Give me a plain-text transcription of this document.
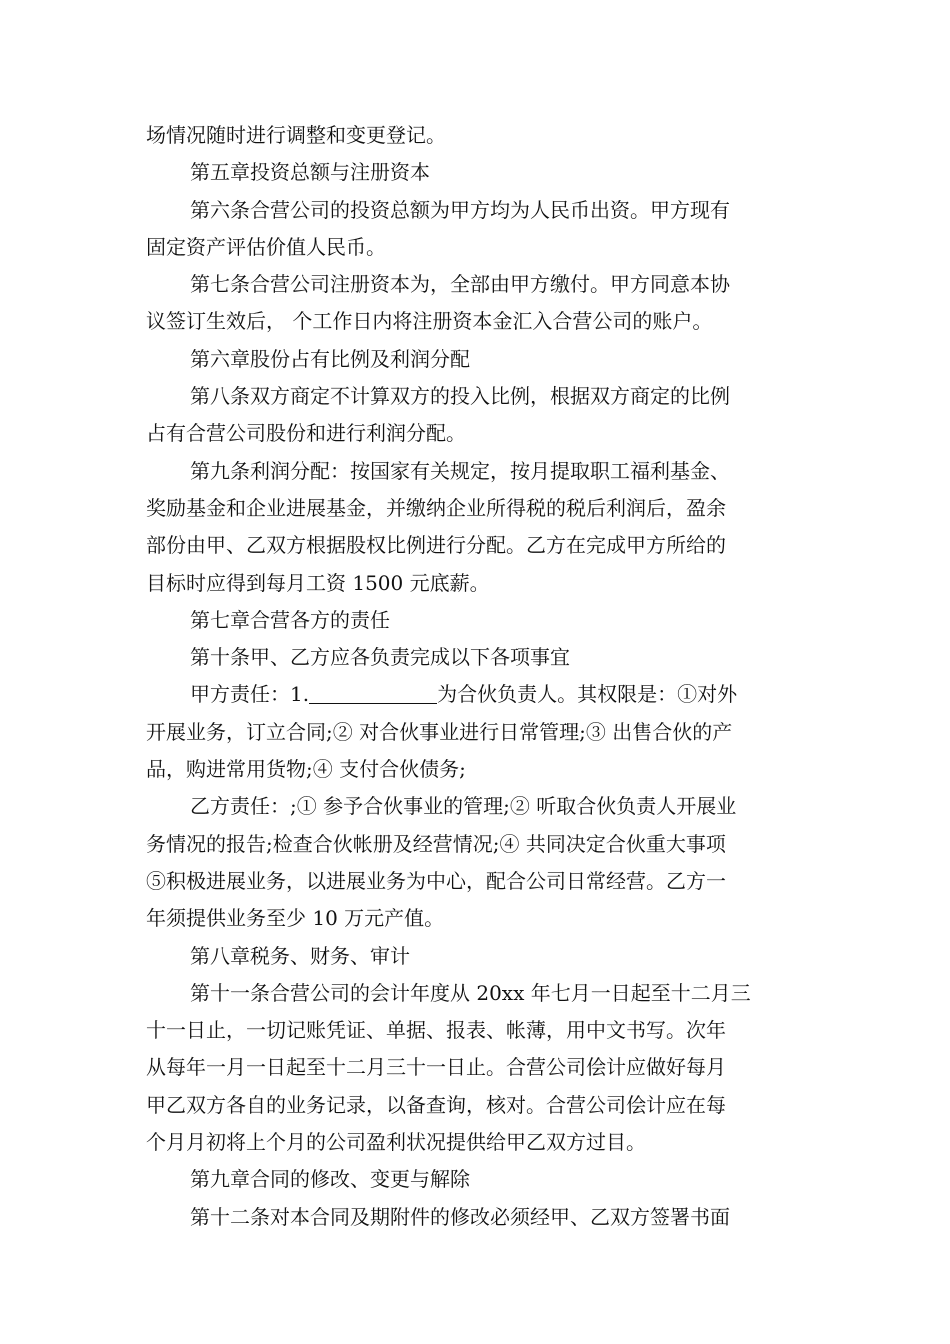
场情况随时进行调整和变更登记。
第五章投资总额与注册资本
第六条合营公司的投资总额为甲方均为人民币出资。甲方现有
固定资产评估价值人民币。
第七条合营公司注册资本为，全部由甲方缴付。甲方同意本协
议签订生效后， 个工作日内将注册资本金汇入合营公司的账户。
第六章股份占有比例及利润分配
第八条双方商定不计算双方的投入比例，根据双方商定的比例
占有合营公司股份和进行利润分配。
第九条利润分配：按国家有关规定，按月提取职工福利基金、
奖励基金和企业进展基金，并缴纳企业所得税的税后利润后，盈余
部份由甲、乙双方根据股权比例进行分配。乙方在完成甲方所给的
目标时应得到每月工资 1500 元底薪。
第七章合营各方的责任
第十条甲、乙方应各负责完成以下各项事宜
甲方责任：1.	为合伙负责人。其权限是：①对外
开展业务，订立合同;② 对合伙事业进行日常管理;③ 出售合伙的产
品，购进常用货物;④ 支付合伙债务;
乙方责任：;① 参予合伙事业的管理;② 听取合伙负责人开展业
务情况的报告;检查合伙帐册及经营情况;④ 共同决定合伙重大事项
⑤积极进展业务，以进展业务为中心，配合公司日常经营。乙方一
年须提供业务至少 10 万元产值。
第八章税务、财务、审计
第十一条合营公司的会计年度从 20xx 年七月一日起至十二月三
十一日止，一切记账凭证、单据、报表、帐薄，用中文书写。次年
从每年一月一日起至十二月三十一日止。合营公司侩计应做好每月
甲乙双方各自的业务记录，以备查询，核对。合营公司侩计应在每
个月月初将上个月的公司盈利状况提供给甲乙双方过目。
第九章合同的修改、变更与解除
第十二条对本合同及期附件的修改必须经甲、乙双方签署书面
